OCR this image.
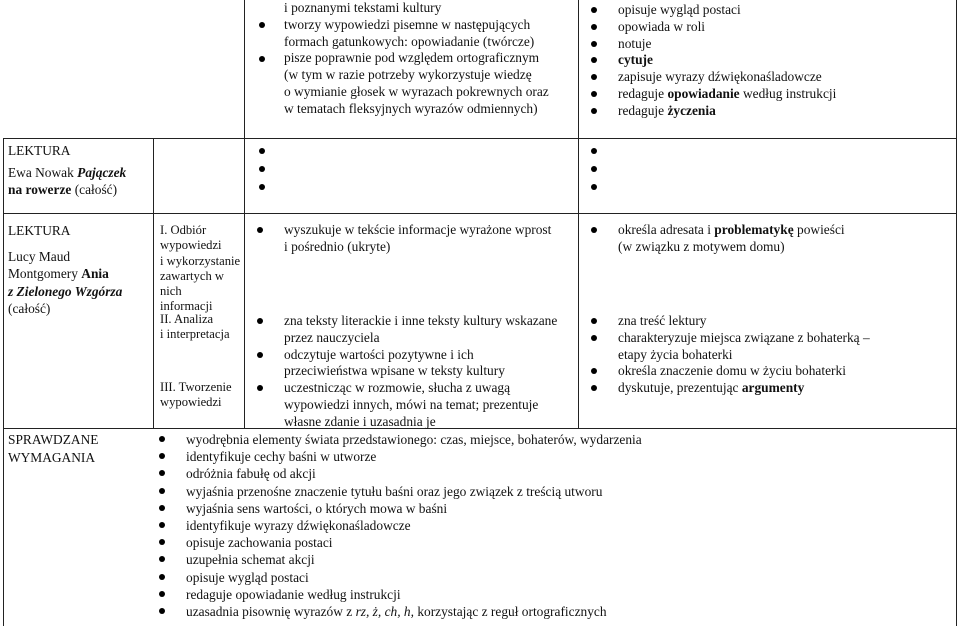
i poznanymi tekstami kultury
tworzy wypowiedzi pisemne w następujących
formach gatunkowych: opowiadanie (twórcze)
pisze poprawnie pod względem ortograficznym
(w tym w razie potrzeby wykorzystuje wiedzę
o wymianie głosek w wyrazach pokrewnych oraz
w tematach fleksyjnych wyrazów odmiennych)
opisuje wygląd postaci
opowiada w roli
notuje
cytuje
zapisuje wyrazy dźwiękonaśladowcze
redaguje opowiadanie według instrukcji
redaguje życzenia
LEKTURA
Ewa Nowak Pajączek
na rowerze (całość)
LEKTURA
Lucy Maud
Montgomery Ania
z Zielonego Wzgórza
(całość)
I. Odbiór
wypowiedzi
i wykorzystanie
zawartych w
nich
informacji
II. Analiza
i interpretacja
III. Tworzenie
wypowiedzi
wyszukuje w tekście informacje wyrażone wprost
i pośrednio (ukryte)
zna teksty literackie i inne teksty kultury wskazane
przez nauczyciela
odczytuje wartości pozytywne i ich
przeciwieństwa wpisane w teksty kultury
uczestnicząc w rozmowie, słucha z uwagą
wypowiedzi innych, mówi na temat; prezentuje
własne zdanie i uzasadnia je
określa adresata i problematykę powieści
(w związku z motywem domu)
zna treść lektury
charakteryzuje miejsca związane z bohaterką –
etapy życia bohaterki
określa znaczenie domu w życiu bohaterki
dyskutuje, prezentując argumenty
SPRAWDZANE
WYMAGANIA
wyodrębnia elementy świata przedstawionego: czas, miejsce, bohaterów, wydarzenia
identyfikuje cechy baśni w utworze
odróżnia fabułę od akcji
wyjaśnia przenośne znaczenie tytułu baśni oraz jego związek z treścią utworu
wyjaśnia sens wartości, o których mowa w baśni
identyfikuje wyrazy dźwiękonaśladowcze
opisuje zachowania postaci
uzupełnia schemat akcji
opisuje wygląd postaci
redaguje opowiadanie według instrukcji
uzasadnia pisownię wyrazów z rz, ż, ch, h, korzystając z reguł ortograficznych
